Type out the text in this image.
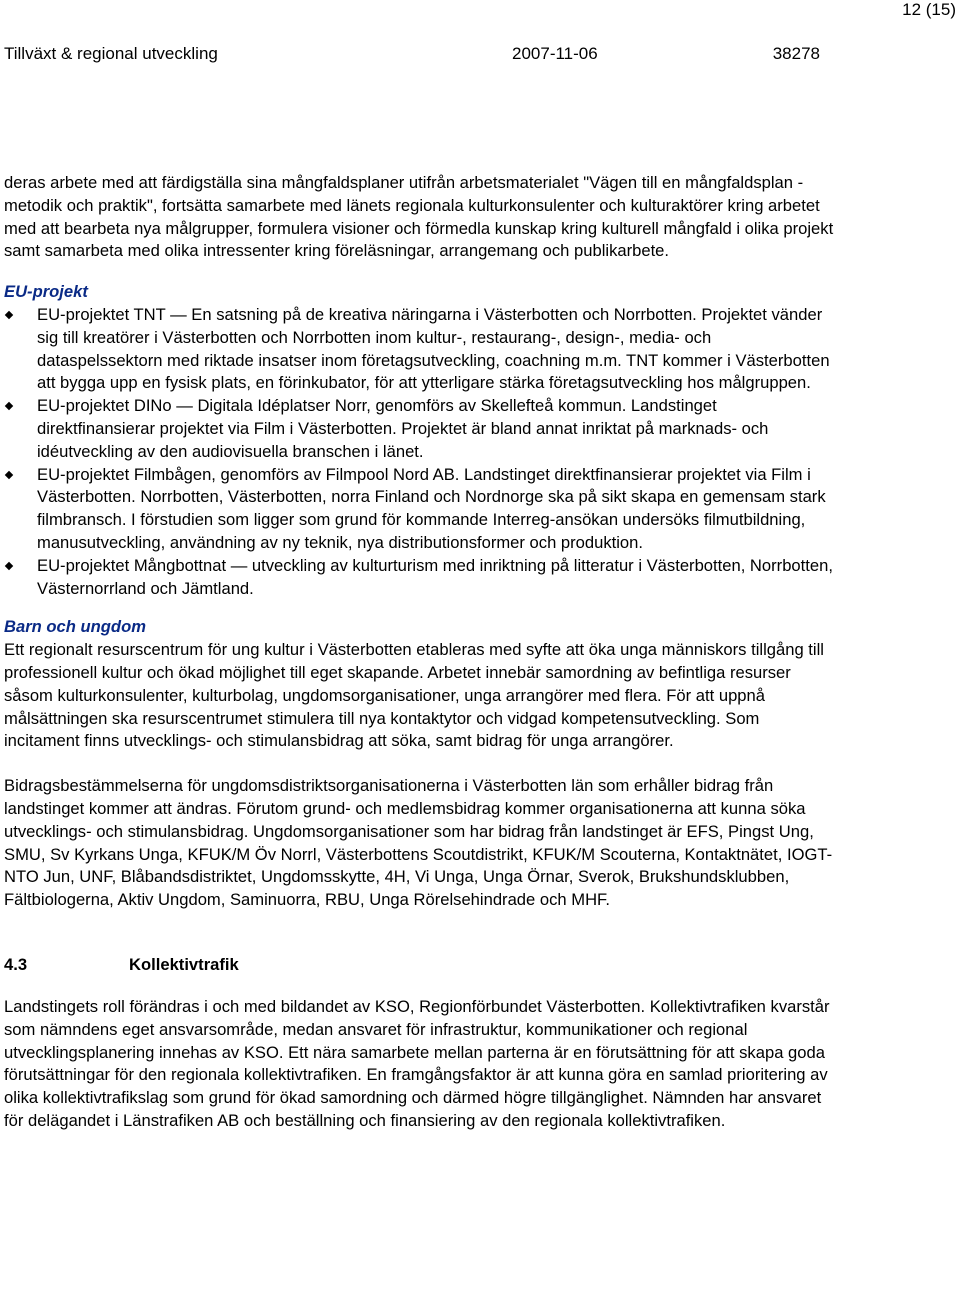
12 (15)
Tillväxt & regional utveckling	2007-11-06	38278

deras arbete med att färdigställa sina mångfaldsplaner utifrån arbetsmaterialet "Vägen till en mångfaldsplan - metodik och praktik", fortsätta samarbete med länets regionala kulturkonsulenter och kulturaktörer kring arbetet med att bearbeta nya målgrupper, formulera visioner och förmedla kunskap kring kulturell mångfald i olika projekt samt samarbeta med olika intressenter kring föreläsningar, arrangemang och publikarbete.

EU-projekt

EU-projektet TNT — En satsning på de kreativa näringarna i Västerbotten och Norrbotten. Projektet vänder sig till kreatörer i Västerbotten och Norrbotten inom kultur-, restaurang-, design-, media- och dataspelssektorn med riktade insatser inom företagsutveckling, coachning m.m. TNT kommer i Västerbotten att bygga upp en fysisk plats, en förinkubator, för att ytterligare stärka företagsutveckling hos målgruppen.
EU-projektet DINo — Digitala Idéplatser Norr, genomförs av Skellefteå kommun. Landstinget direktfinansierar projektet via Film i Västerbotten. Projektet är bland annat inriktat på marknads- och idéutveckling av den audiovisuella branschen i länet.
EU-projektet Filmbågen, genomförs av Filmpool Nord AB. Landstinget direktfinansierar projektet via Film i Västerbotten. Norrbotten, Västerbotten, norra Finland och Nordnorge ska på sikt skapa en gemensam stark filmbransch. I förstudien som ligger som grund för kommande Interreg-ansökan undersöks filmutbildning, manusutveckling, användning av ny teknik, nya distributionsformer och produktion.
EU-projektet Mångbottnat — utveckling av kulturturism med inriktning på litteratur i Västerbotten, Norrbotten, Västernorrland och Jämtland.

Barn och ungdom

Ett regionalt resurscentrum för ung kultur i Västerbotten etableras med syfte att öka unga människors tillgång till professionell kultur och ökad möjlighet till eget skapande. Arbetet innebär samordning av befintliga resurser såsom kulturkonsulenter, kulturbolag, ungdomsorganisationer, unga arrangörer med flera. För att uppnå målsättningen ska resurscentrumet stimulera till nya kontaktytor och vidgad kompetensutveckling. Som incitament finns utvecklings- och stimulansbidrag att söka, samt bidrag för unga arrangörer.

Bidragsbestämmelserna för ungdomsdistriktsorganisationerna i Västerbotten län som erhåller bidrag från landstinget kommer att ändras. Förutom grund- och medlemsbidrag kommer organisationerna att kunna söka utvecklings- och stimulansbidrag. Ungdomsorganisationer som har bidrag från landstinget är EFS, Pingst Ung, SMU, Sv Kyrkans Unga, KFUK/M Öv Norrl, Västerbottens Scoutdistrikt, KFUK/M Scouterna, Kontaktnätet, IOGT-NTO Jun, UNF, Blåbandsdistriktet, Ungdomsskytte, 4H, Vi Unga, Unga Örnar, Sverok, Brukshundsklubben, Fältbiologerna, Aktiv Ungdom, Saminuorra, RBU, Unga Rörelsehindrade och MHF.

4.3	Kollektivtrafik

Landstingets roll förändras i och med bildandet av KSO, Regionförbundet Västerbotten. Kollektivtrafiken kvarstår som nämndens eget ansvarsområde, medan ansvaret för infrastruktur, kommunikationer och regional utvecklingsplanering innehas av KSO. Ett nära samarbete mellan parterna är en förutsättning för att skapa goda förutsättningar för den regionala kollektivtrafiken. En framgångsfaktor är att kunna göra en samlad prioritering av olika kollektivtrafikslag som grund för ökad samordning och därmed högre tillgänglighet. Nämnden har ansvaret för delägandet i Länstrafiken AB och beställning och finansiering av den regionala kollektivtrafiken.
